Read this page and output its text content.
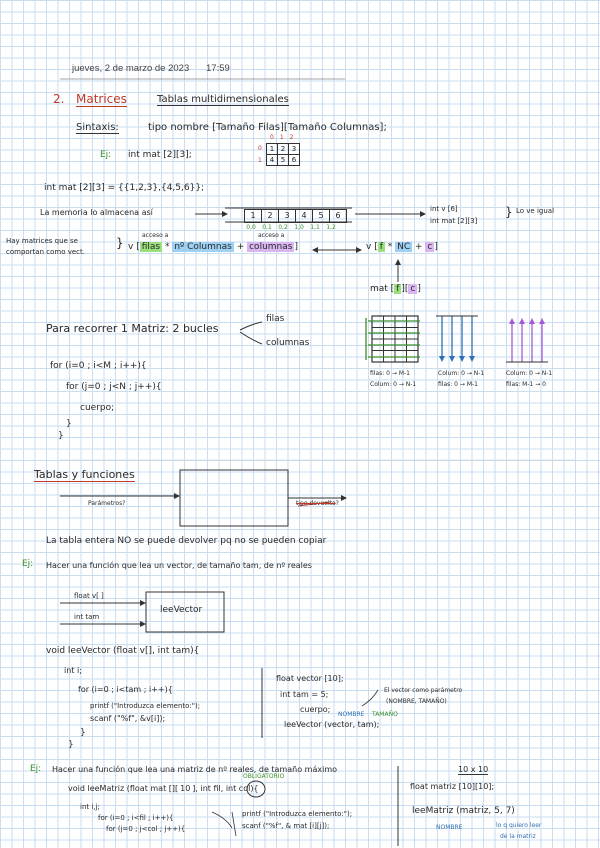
jueves, 2 de marzo de 2023 17:59
2. Matrices	Tablas multidimensionales
Sintaxis:	tipo nombre [Tamaño Filas][Tamaño Columnas];
Ej: int mat [2][3];
012
0
1
1 2 3
4 5 6
int mat [2][3] = {{1,2,3},{4,5,6}};
La memoria lo almacena así	1 2 3 4 5 6
0,0 0,1 0,2 1,0 1,1 1,2
int v [6]
int mat [2][3]
} Lo ve igual
Hay matrices que se
comportan como vect.
} v [ filas * nº Columnas + columnas ]
acceso a	acceso a
v [ f * NC + c ]
mat [ f ][ c ]
Para recorrer 1 Matriz: 2 bucles
filas
columnas
for (i=0 ; i<M ; i++){
for (j=0 ; j<N ; j++){
cuerpo;
}
}
filas: 0 → M-1
Colum: 0 → N-1
Colum: 0 → N-1
filas: 0 → M-1
Colum: 0 → N-1
filas: M-1 → 0
Tablas y funciones
Parámetros?	tipo devuelto?
La tabla entera NO se puede devolver pq no se pueden copiar
Ej: Hacer una función que lea un vector, de tamaño tam, de nº reales
float v[ ]
int tam
leeVector
void leeVector (float v[], int tam){
int i;
for (i=0 ; i<tam ; i++){
printf ("Introduzca elemento:");
scanf ("%f", &v[i]);
}
}
float vector [10];
int tam = 5;
cuerpo;
leeVector (vector, tam);
NOMBRE TAMAÑO
El vector como parámetro
(NOMBRE, TAMAÑO)
Ej: Hacer una función que lea una matriz de nº reales, de tamaño máximo	10 x 10
OBLIGATORIO
void leeMatriz (float mat [][ 10 ], int fil, int col){
int i,j;
for (i=0 ; i<fil ; i++){
for (j=0 ; j<col ; j++){
printf ("Introduzca elemento:");
scanf ("%f", & mat [i][j]);
float matriz [10][10];
leeMatriz (matriz, 5, 7)
NOMBRE	lo q quiero leer
de la matriz
